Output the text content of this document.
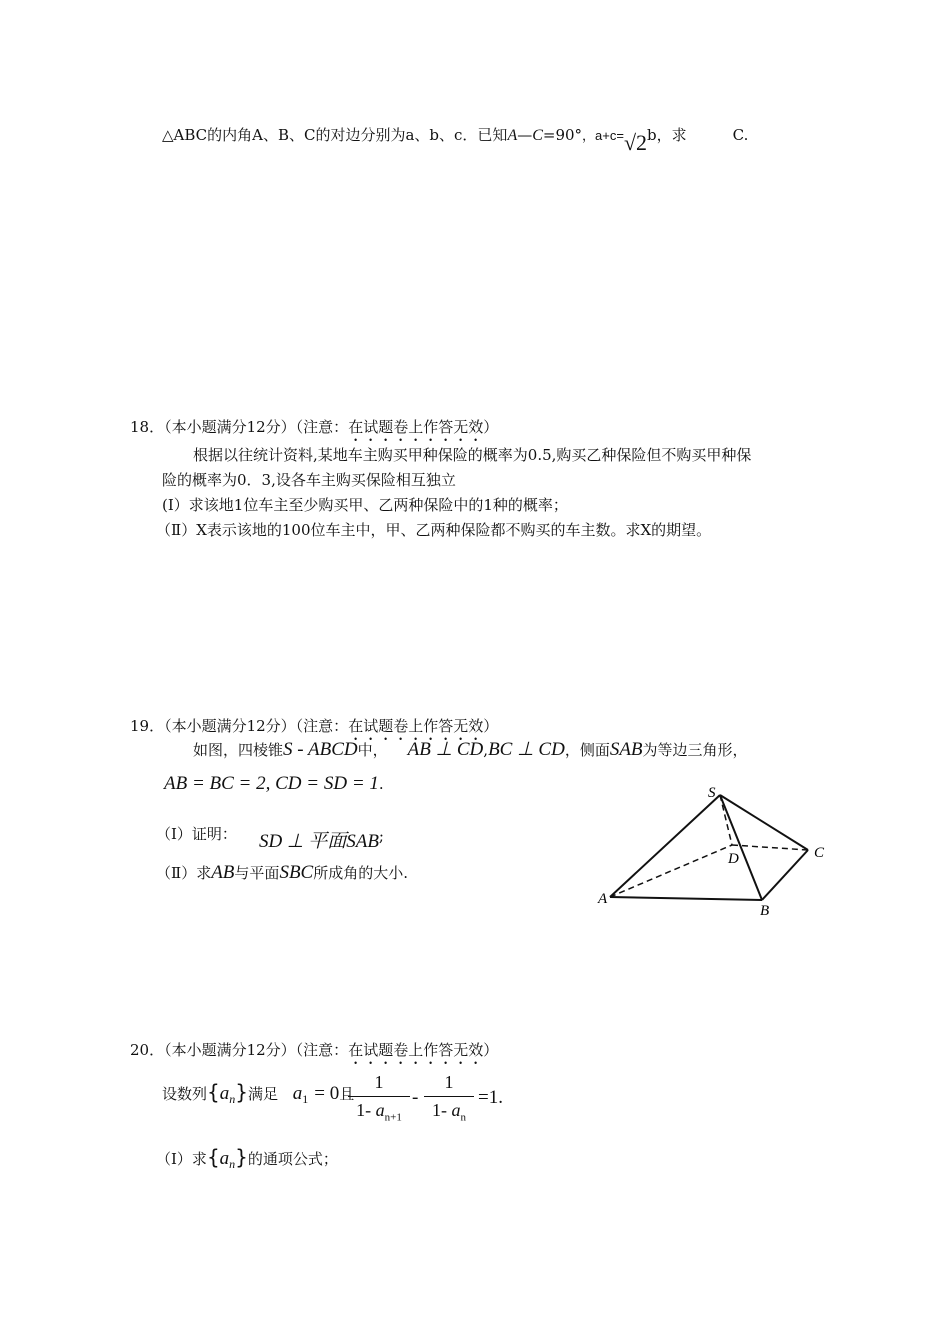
△ABC的内角A、B、C的对边分别为a、b、c．已知A—C=90°，a+c=√2b，求	C.
18．（本小题满分12分）（注意：在试题卷上作答无效）
根据以往统计资料,某地车主购买甲种保险的概率为0.5,购买乙种保险但不购买甲种保
险的概率为0．3,设各车主购买保险相互独立
(I）求该地1位车主至少购买甲、乙两种保险中的1种的概率；
（Ⅱ）X表示该地的100位车主中，甲、乙两种保险都不购买的车主数。求X的期望。
19．（本小题满分12分）（注意：在试题卷上作答无效）
如图，四棱锥S - ABCD中， AB ⊥ CD,BC ⊥ CD，侧面SAB为等边三角形，
AB = BC = 2, CD = SD = 1.
（Ⅰ）证明： SD ⊥ 平面SAB;
（Ⅱ）求AB与平面SBC所成角的大小.
S
A
B
C
D
20．（本小题满分12分）（注意：在试题卷上作答无效）
设数列$\{a_n\}$满足 $a_1 = 0$且
1
1- $a_{n+1}$
-
1
1- $a_n$
=1.
（Ⅰ）求$\{a_n\}$的通项公式；
